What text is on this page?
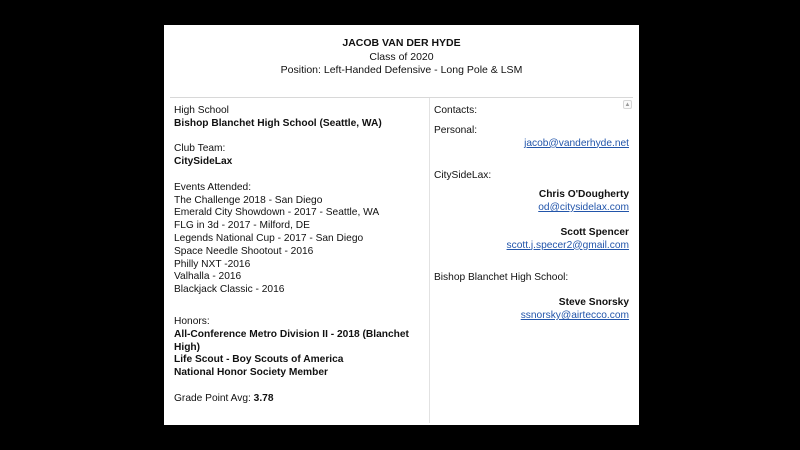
JACOB VAN DER HYDE
Class of 2020
Position: Left-Handed Defensive - Long Pole & LSM
▲
High School
Bishop Blanchet High School (Seattle, WA)
Club Team:
CitySideLax
Events Attended:
The Challenge 2018 - San Diego
Emerald City Showdown - 2017 - Seattle, WA
FLG in 3d - 2017 - Milford, DE
Legends National Cup - 2017 - San Diego
Space Needle Shootout - 2016
Philly NXT -2016
Valhalla - 2016
Blackjack Classic - 2016
Honors:
All-Conference Metro Division II - 2018 (Blanchet High)
Life Scout - Boy Scouts of America
National Honor Society Member
Grade Point Avg: 3.78
Contacts:
Personal:
jacob@vanderhyde.net
CitySideLax:
Chris O'Dougherty
od@citysidelax.com
Scott Spencer
scott.j.specer2@gmail.com
Bishop Blanchet High School:
Steve Snorsky
ssnorsky@airtecco.com
